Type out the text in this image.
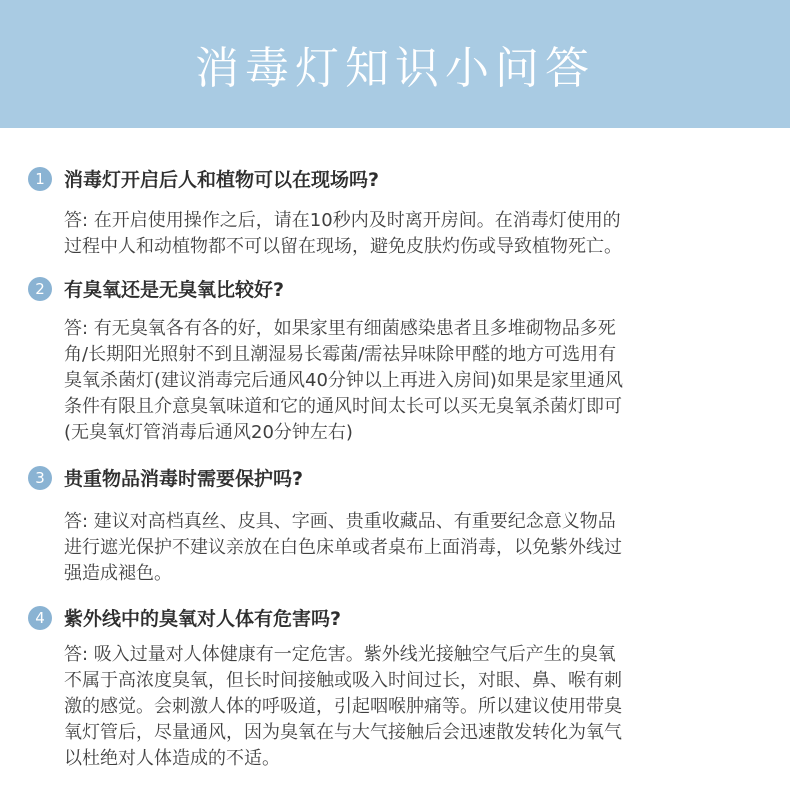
消毒灯知识小问答
1	消毒灯开启后人和植物可以在现场吗?
答: 在开启使用操作之后，请在10秒内及时离开房间。在消毒灯使用的
过程中人和动植物都不可以留在现场，避免皮肤灼伤或导致植物死亡。
2	有臭氧还是无臭氧比较好?
答: 有无臭氧各有各的好，如果家里有细菌感染患者且多堆砌物品多死
角/长期阳光照射不到且潮湿易长霉菌/需祛异味除甲醛的地方可选用有
臭氧杀菌灯(建议消毒完后通风40分钟以上再进入房间)如果是家里通风
条件有限且介意臭氧味道和它的通风时间太长可以买无臭氧杀菌灯即可
(无臭氧灯管消毒后通风20分钟左右)
3	贵重物品消毒时需要保护吗?
答: 建议对高档真丝、皮具、字画、贵重收藏品、有重要纪念意义物品
进行遮光保护不建议亲放在白色床单或者桌布上面消毒，以免紫外线过
强造成褪色。
4	紫外线中的臭氧对人体有危害吗?
答: 吸入过量对人体健康有一定危害。紫外线光接触空气后产生的臭氧
不属于高浓度臭氧，但长时间接触或吸入时间过长，对眼、鼻、喉有刺
激的感觉。会刺激人体的呼吸道，引起咽喉肿痛等。所以建议使用带臭
氧灯管后，尽量通风，因为臭氧在与大气接触后会迅速散发转化为氧气
以杜绝对人体造成的不适。
